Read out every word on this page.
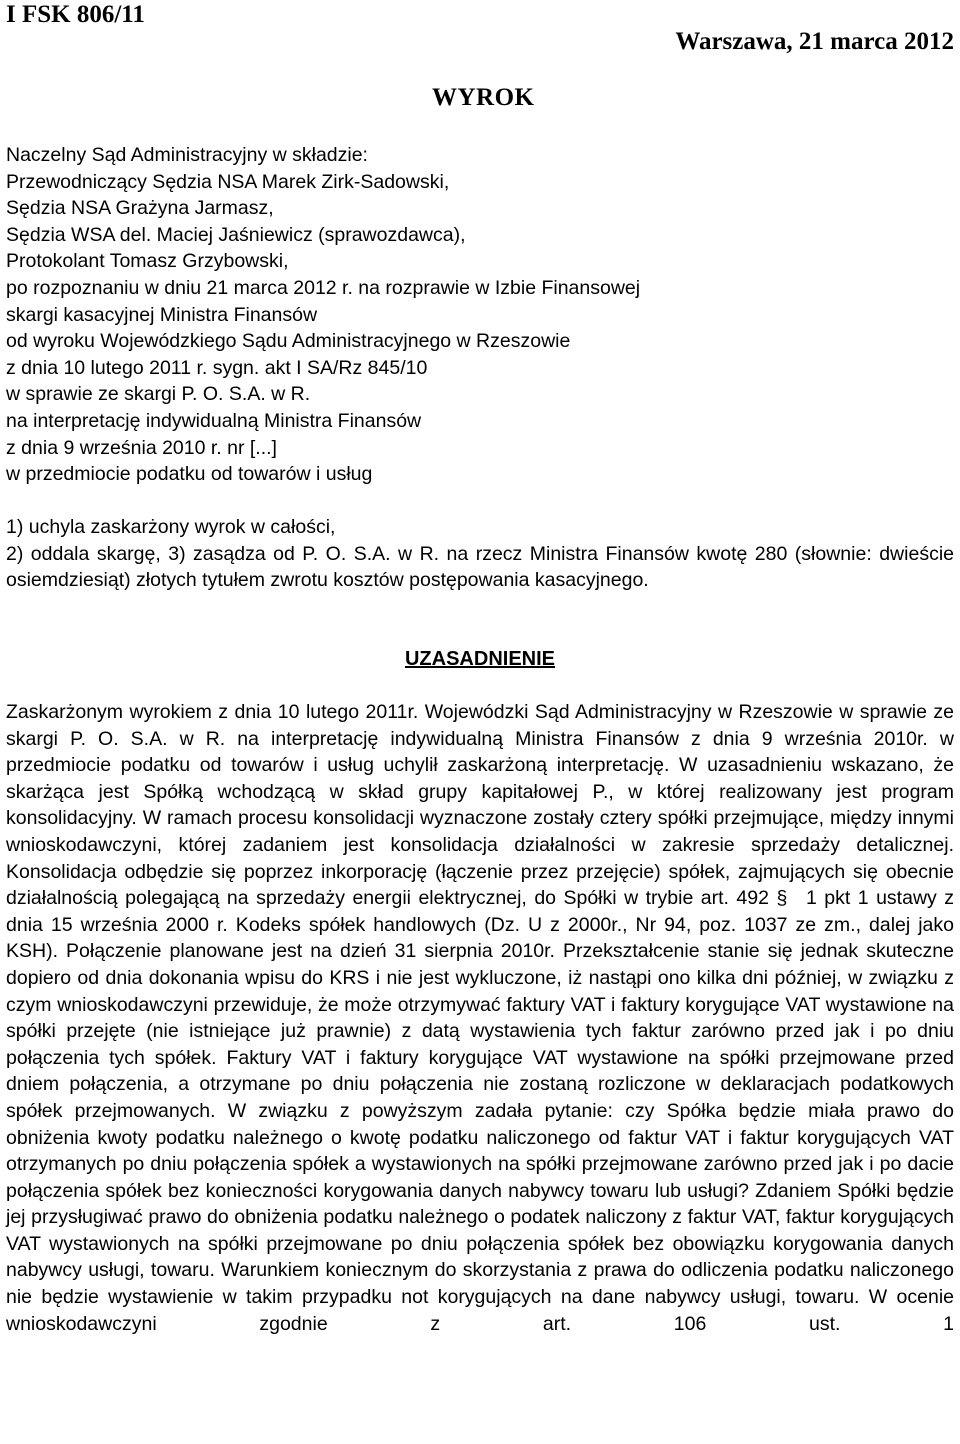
I FSK 806/11

Warszawa, 21 marca 2012

WYROK

Naczelny Sąd Administracyjny w składzie:
Przewodniczący Sędzia NSA Marek Zirk-Sadowski,
Sędzia NSA Grażyna Jarmasz,
Sędzia WSA del. Maciej Jaśniewicz (sprawozdawca),
Protokolant Tomasz Grzybowski,
po rozpoznaniu w dniu 21 marca 2012 r. na rozprawie w Izbie Finansowej
skargi kasacyjnej Ministra Finansów
od wyroku Wojewódzkiego Sądu Administracyjnego w Rzeszowie
z dnia 10 lutego 2011 r. sygn. akt I SA/Rz 845/10
w sprawie ze skargi P. O. S.A. w R.
na interpretację indywidualną Ministra Finansów
z dnia 9 września 2010 r. nr [...]
w przedmiocie podatku od towarów i usług

1) uchyla zaskarżony wyrok w całości,

2) oddala skargę, 3) zasądza od P. O. S.A. w R. na rzecz Ministra Finansów kwotę 280 (słownie: dwieście osiemdziesiąt) złotych tytułem zwrotu kosztów postępowania kasacyjnego.

UZASADNIENIE

Zaskarżonym wyrokiem z dnia 10 lutego 2011r. Wojewódzki Sąd Administracyjny w Rzeszowie w sprawie ze skargi P. O. S.A. w R. na interpretację indywidualną Ministra Finansów z dnia 9 września 2010r. w przedmiocie podatku od towarów i usług uchylił zaskarżoną interpretację. W uzasadnieniu wskazano, że skarżąca jest Spółką wchodzącą w skład grupy kapitałowej P., w której realizowany jest program konsolidacyjny. W ramach procesu konsolidacji wyznaczone zostały cztery spółki przejmujące, między innymi wnioskodawczyni, której zadaniem jest konsolidacja działalności w zakresie sprzedaży detalicznej. Konsolidacja odbędzie się poprzez inkorporację (łączenie przez przejęcie) spółek, zajmujących się obecnie działalnością polegającą na sprzedaży energii elektrycznej, do Spółki w trybie art. 492 § 1 pkt 1 ustawy z dnia 15 września 2000 r. Kodeks spółek handlowych (Dz. U z 2000r., Nr 94, poz. 1037 ze zm., dalej jako KSH). Połączenie planowane jest na dzień 31 sierpnia 2010r. Przekształcenie stanie się jednak skuteczne dopiero od dnia dokonania wpisu do KRS i nie jest wykluczone, iż nastąpi ono kilka dni później, w związku z czym wnioskodawczyni przewiduje, że może otrzymywać faktury VAT i faktury korygujące VAT wystawione na spółki przejęte (nie istniejące już prawnie) z datą wystawienia tych faktur zarówno przed jak i po dniu połączenia tych spółek. Faktury VAT i faktury korygujące VAT wystawione na spółki przejmowane przed dniem połączenia, a otrzymane po dniu połączenia nie zostaną rozliczone w deklaracjach podatkowych spółek przejmowanych. W związku z powyższym zadała pytanie: czy Spółka będzie miała prawo do obniżenia kwoty podatku należnego o kwotę podatku naliczonego od faktur VAT i faktur korygujących VAT otrzymanych po dniu połączenia spółek a wystawionych na spółki przejmowane zarówno przed jak i po dacie połączenia spółek bez konieczności korygowania danych nabywcy towaru lub usługi? Zdaniem Spółki będzie jej przysługiwać prawo do obniżenia podatku należnego o podatek naliczony z faktur VAT, faktur korygujących VAT wystawionych na spółki przejmowane po dniu połączenia spółek bez obowiązku korygowania danych nabywcy usługi, towaru. Warunkiem koniecznym do skorzystania z prawa do odliczenia podatku naliczonego nie będzie wystawienie w takim przypadku not korygujących na dane nabywcy usługi, towaru. W ocenie wnioskodawczyni zgodnie z art. 106 ust. 1
